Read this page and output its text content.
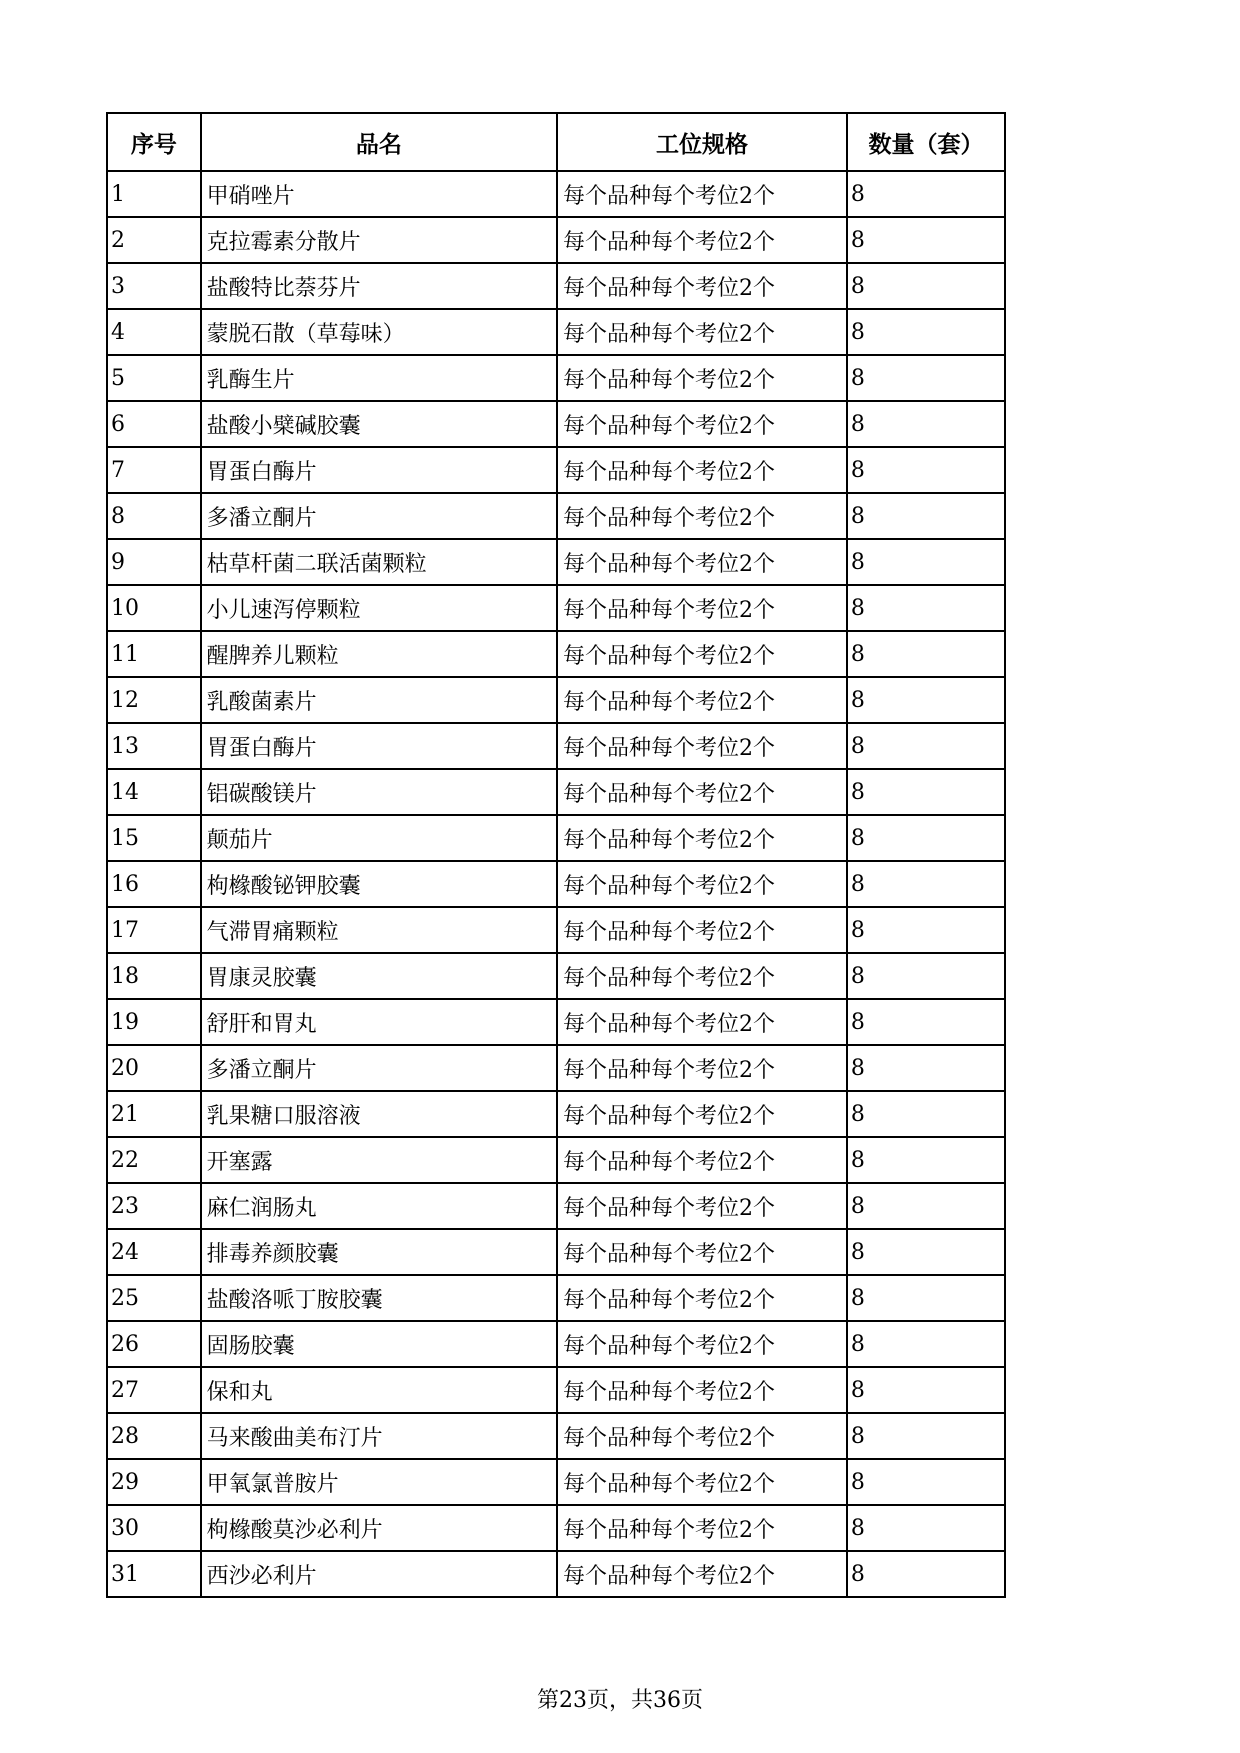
序号	品名	工位规格	数量（套）
1	甲硝唑片	每个品种每个考位2个	8
2	克拉霉素分散片	每个品种每个考位2个	8
3	盐酸特比萘芬片	每个品种每个考位2个	8
4	蒙脱石散（草莓味）	每个品种每个考位2个	8
5	乳酶生片	每个品种每个考位2个	8
6	盐酸小檗碱胶囊	每个品种每个考位2个	8
7	胃蛋白酶片	每个品种每个考位2个	8
8	多潘立酮片	每个品种每个考位2个	8
9	枯草杆菌二联活菌颗粒	每个品种每个考位2个	8
10	小儿速泻停颗粒	每个品种每个考位2个	8
11	醒脾养儿颗粒	每个品种每个考位2个	8
12	乳酸菌素片	每个品种每个考位2个	8
13	胃蛋白酶片	每个品种每个考位2个	8
14	铝碳酸镁片	每个品种每个考位2个	8
15	颠茄片	每个品种每个考位2个	8
16	枸橼酸铋钾胶囊	每个品种每个考位2个	8
17	气滞胃痛颗粒	每个品种每个考位2个	8
18	胃康灵胶囊	每个品种每个考位2个	8
19	舒肝和胃丸	每个品种每个考位2个	8
20	多潘立酮片	每个品种每个考位2个	8
21	乳果糖口服溶液	每个品种每个考位2个	8
22	开塞露	每个品种每个考位2个	8
23	麻仁润肠丸	每个品种每个考位2个	8
24	排毒养颜胶囊	每个品种每个考位2个	8
25	盐酸洛哌丁胺胶囊	每个品种每个考位2个	8
26	固肠胶囊	每个品种每个考位2个	8
27	保和丸	每个品种每个考位2个	8
28	马来酸曲美布汀片	每个品种每个考位2个	8
29	甲氧氯普胺片	每个品种每个考位2个	8
30	枸橼酸莫沙必利片	每个品种每个考位2个	8
31	西沙必利片	每个品种每个考位2个	8
第23页，共36页
